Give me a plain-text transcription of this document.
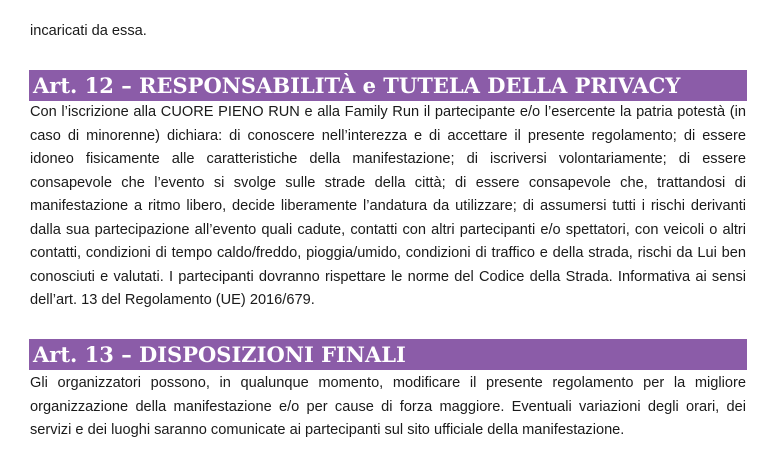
incaricati da essa.

Art. 12 – RESPONSABILITÀ e TUTELA DELLA PRIVACY

Con l’iscrizione alla CUORE PIENO RUN e alla Family Run il partecipante e/o l’esercente la patria potestà (in caso di minorenne) dichiara: di conoscere nell’interezza e di accettare il presente regolamento; di essere idoneo fisicamente alle caratteristiche della manifestazione; di iscriversi volontariamente; di essere consapevole che l’evento si svolge sulle strade della città; di essere consapevole che, trattandosi di manifestazione a ritmo libero, decide liberamente l’andatura da utilizzare; di assumersi tutti i rischi derivanti dalla sua partecipazione all’evento quali cadute, contatti con altri partecipanti e/o spettatori, con veicoli o altri contatti, condizioni di tempo caldo/freddo, pioggia/umido, condizioni di traffico e della strada, rischi da Lui ben conosciuti e valutati. I partecipanti dovranno rispettare le norme del Codice della Strada. Informativa ai sensi dell’art. 13 del Regolamento (UE) 2016/679.

Art. 13 – DISPOSIZIONI FINALI

Gli organizzatori possono, in qualunque momento, modificare il presente regolamento per la migliore organizzazione della manifestazione e/o per cause di forza maggiore. Eventuali variazioni degli orari, dei servizi e dei luoghi saranno comunicate ai partecipanti sul sito ufficiale della manifestazione.
